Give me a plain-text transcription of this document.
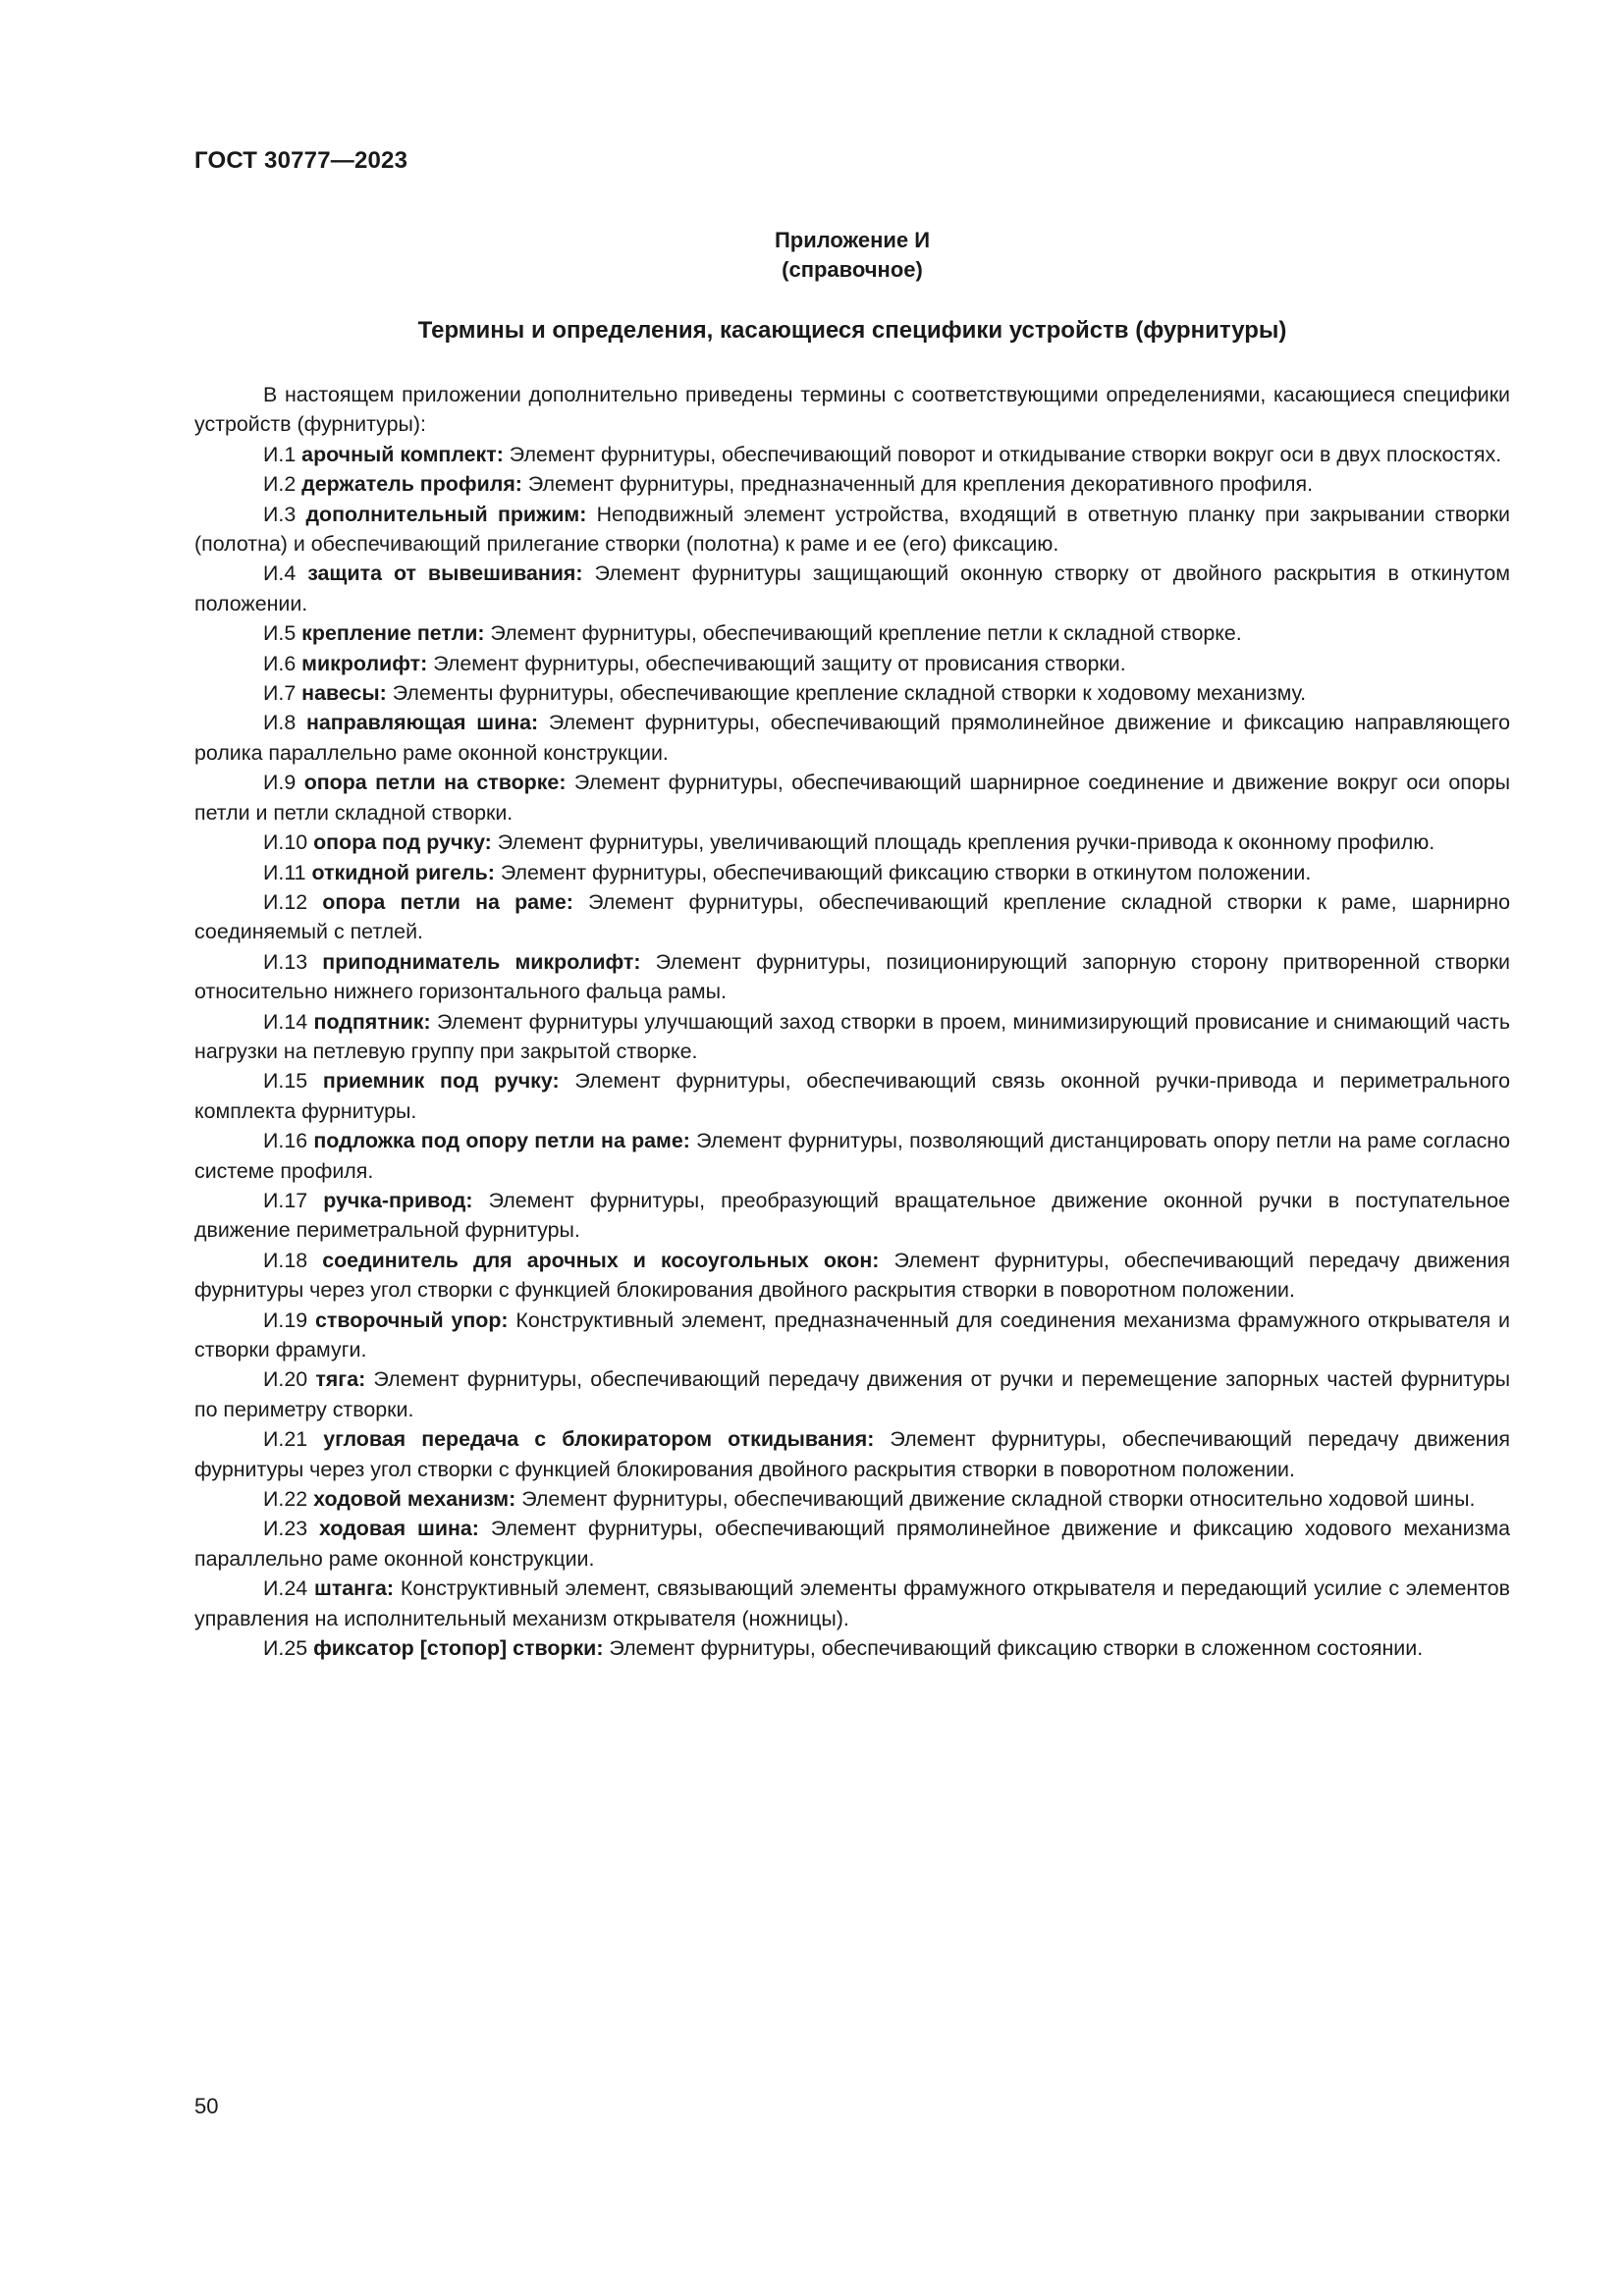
ГОСТ 30777—2023
Приложение И
(справочное)
Термины и определения, касающиеся специфики устройств (фурнитуры)

В настоящем приложении дополнительно приведены термины с соответствующими определениями, касающиеся специфики устройств (фурнитуры):

И.1 арочный комплект: Элемент фурнитуры, обеспечивающий поворот и откидывание створки вокруг оси в двух плоскостях.

И.2 держатель профиля: Элемент фурнитуры, предназначенный для крепления декоративного профиля.

И.3 дополнительный прижим: Неподвижный элемент устройства, входящий в ответную планку при закрывании створки (полотна) и обеспечивающий прилегание створки (полотна) к раме и ее (его) фиксацию.

И.4 защита от вывешивания: Элемент фурнитуры защищающий оконную створку от двойного раскрытия в откинутом положении.

И.5 крепление петли: Элемент фурнитуры, обеспечивающий крепление петли к складной створке.

И.6 микролифт: Элемент фурнитуры, обеспечивающий защиту от провисания створки.

И.7 навесы: Элементы фурнитуры, обеспечивающие крепление складной створки к ходовому механизму.

И.8 направляющая шина: Элемент фурнитуры, обеспечивающий прямолинейное движение и фиксацию направляющего ролика параллельно раме оконной конструкции.

И.9 опора петли на створке: Элемент фурнитуры, обеспечивающий шарнирное соединение и движение вокруг оси опоры петли и петли складной створки.

И.10 опора под ручку: Элемент фурнитуры, увеличивающий площадь крепления ручки-привода к оконному профилю.

И.11 откидной ригель: Элемент фурнитуры, обеспечивающий фиксацию створки в откинутом положении.

И.12 опора петли на раме: Элемент фурнитуры, обеспечивающий крепление складной створки к раме, шарнирно соединяемый с петлей.

И.13 приподниматель микролифт: Элемент фурнитуры, позиционирующий запорную сторону притворенной створки относительно нижнего горизонтального фальца рамы.

И.14 подпятник: Элемент фурнитуры улучшающий заход створки в проем, минимизирующий провисание и снимающий часть нагрузки на петлевую группу при закрытой створке.

И.15 приемник под ручку: Элемент фурнитуры, обеспечивающий связь оконной ручки-привода и периметрального комплекта фурнитуры.

И.16 подложка под опору петли на раме: Элемент фурнитуры, позволяющий дистанцировать опору петли на раме согласно системе профиля.

И.17 ручка-привод: Элемент фурнитуры, преобразующий вращательное движение оконной ручки в поступательное движение периметральной фурнитуры.

И.18 соединитель для арочных и косоугольных окон: Элемент фурнитуры, обеспечивающий передачу движения фурнитуры через угол створки с функцией блокирования двойного раскрытия створки в поворотном положении.

И.19 створочный упор: Конструктивный элемент, предназначенный для соединения механизма фрамужного открывателя и створки фрамуги.

И.20 тяга: Элемент фурнитуры, обеспечивающий передачу движения от ручки и перемещение запорных частей фурнитуры по периметру створки.

И.21 угловая передача с блокиратором откидывания: Элемент фурнитуры, обеспечивающий передачу движения фурнитуры через угол створки с функцией блокирования двойного раскрытия створки в поворотном положении.

И.22 ходовой механизм: Элемент фурнитуры, обеспечивающий движение складной створки относительно ходовой шины.

И.23 ходовая шина: Элемент фурнитуры, обеспечивающий прямолинейное движение и фиксацию ходового механизма параллельно раме оконной конструкции.

И.24 штанга: Конструктивный элемент, связывающий элементы фрамужного открывателя и передающий усилие с элементов управления на исполнительный механизм открывателя (ножницы).

И.25 фиксатор [стопор] створки: Элемент фурнитуры, обеспечивающий фиксацию створки в сложенном состоянии.

50
